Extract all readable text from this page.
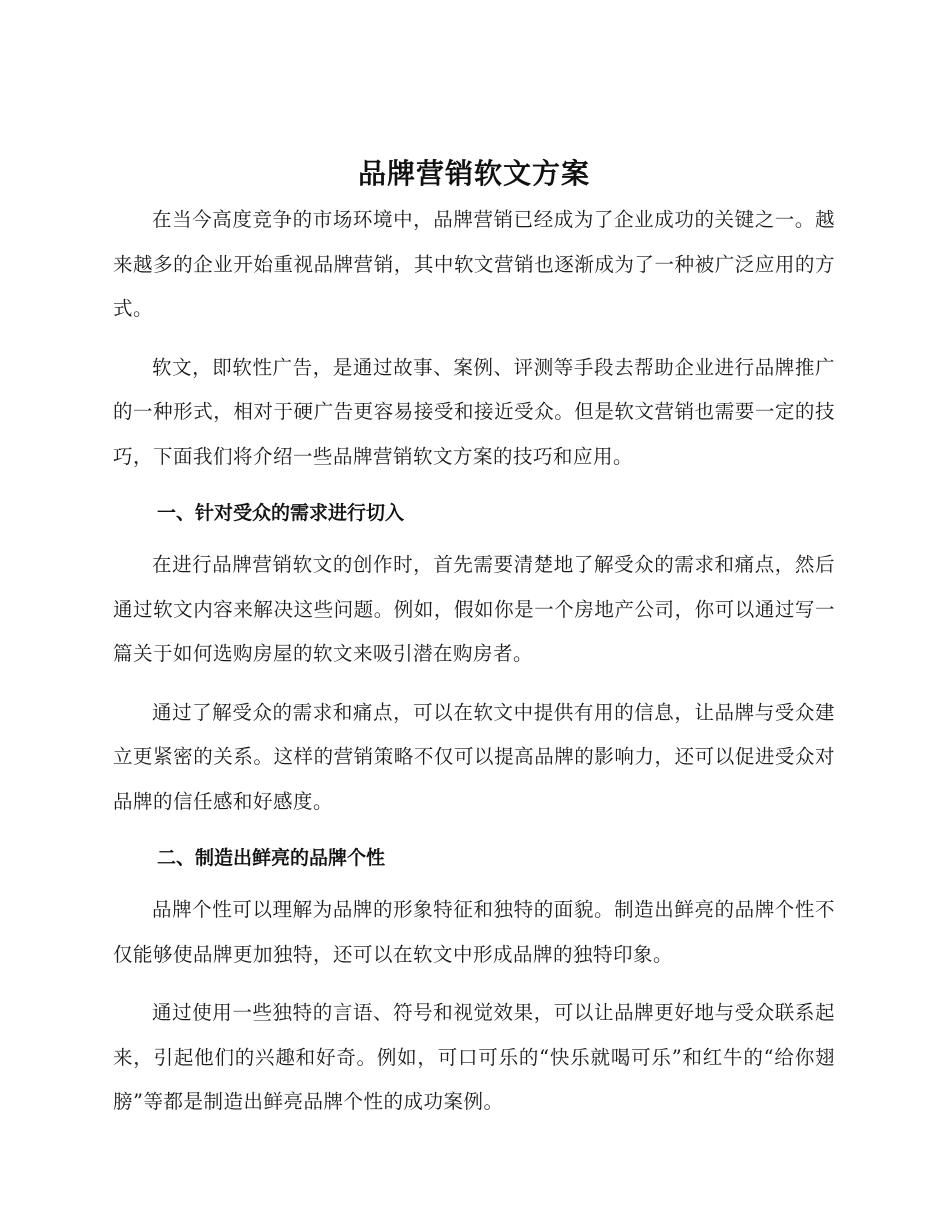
品牌营销软文方案

在当今高度竞争的市场环境中，品牌营销已经成为了企业成功的关键之一。越来越多的企业开始重视品牌营销，其中软文营销也逐渐成为了一种被广泛应用的方式。

软文，即软性广告，是通过故事、案例、评测等手段去帮助企业进行品牌推广的一种形式，相对于硬广告更容易接受和接近受众。但是软文营销也需要一定的技巧，下面我们将介绍一些品牌营销软文方案的技巧和应用。

一、针对受众的需求进行切入

在进行品牌营销软文的创作时，首先需要清楚地了解受众的需求和痛点，然后通过软文内容来解决这些问题。例如，假如你是一个房地产公司，你可以通过写一篇关于如何选购房屋的软文来吸引潜在购房者。

通过了解受众的需求和痛点，可以在软文中提供有用的信息，让品牌与受众建立更紧密的关系。这样的营销策略不仅可以提高品牌的影响力，还可以促进受众对品牌的信任感和好感度。

二、制造出鲜亮的品牌个性

品牌个性可以理解为品牌的形象特征和独特的面貌。制造出鲜亮的品牌个性不仅能够使品牌更加独特，还可以在软文中形成品牌的独特印象。

通过使用一些独特的言语、符号和视觉效果，可以让品牌更好地与受众联系起来，引起他们的兴趣和好奇。例如，可口可乐的“快乐就喝可乐”和红牛的“给你翅膀”等都是制造出鲜亮品牌个性的成功案例。
